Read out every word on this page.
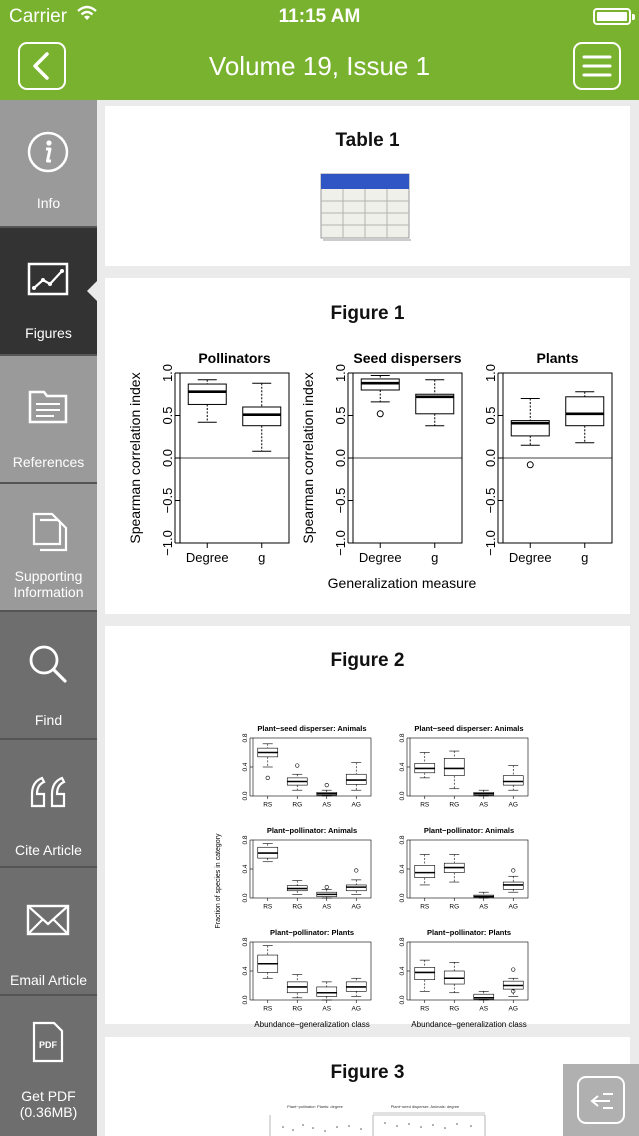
Carrier	11:15 AM
Volume 19, Issue 1
Info
Figures
References
Supporting Information
Find
Cite Article
Email Article
PDF
Get PDF (0.36MB)
Table 1
Figure 1
Pollinators
1.0
0.5
0.0
−0.5
−1.0
Spearman correlation index
Degree g
Seed dispersers
1.0
0.5
0.0
−0.5
−1.0
Spearman correlation index
Degree g
Plants
1.0
0.5
0.0
−0.5
−1.0
Degree g
Generalization measure
Figure 2
Plant−seed disperser: Animals
0.8
0.4
0.0
RS	RG	AS	AG
Plant−seed disperser: Animals
0.8
0.4
0.0
RS	RG	AS	AG
Plant−pollinator: Animals
0.8
0.4
0.0
RS	RG	AS	AG
Plant−pollinator: Animals
0.8
0.4
0.0
RS	RG	AS	AG
Plant−pollinator: Plants
0.8
0.4
0.0
RS	RG	AS	AG
Plant−pollinator: Plants
0.8
0.4
0.0
RS	RG	AS	AG
Fraction of species in category
Abundance−generalization class	Abundance−generalization class
Figure 3
Plant−pollinator: Plants: degree	Plant−seed disperser: Animals: degree
